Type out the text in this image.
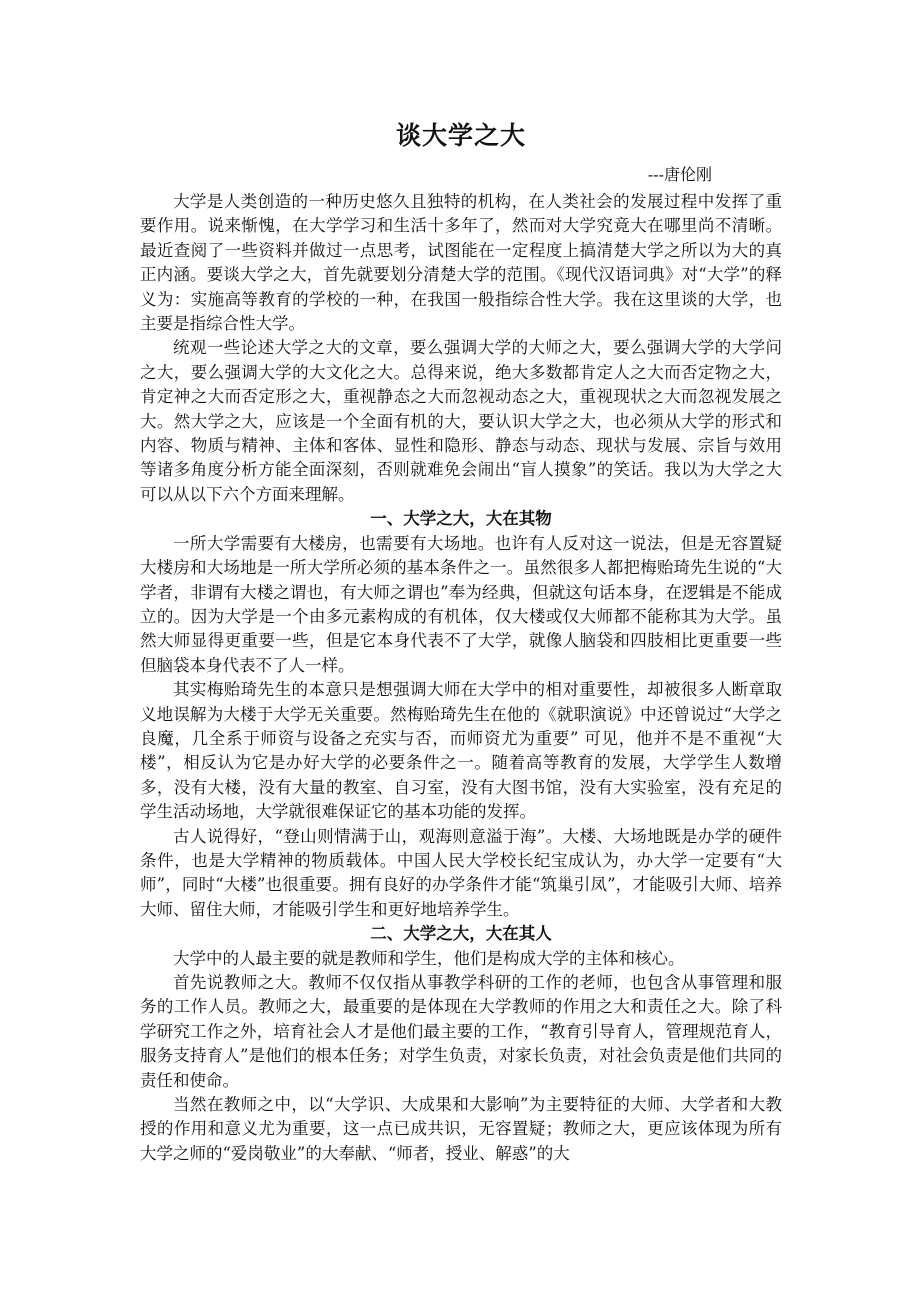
谈大学之大
---唐伦刚

大学是人类创造的一种历史悠久且独特的机构，在人类社会的发展过程中发挥了重要作用。说来惭愧，在大学学习和生活十多年了，然而对大学究竟大在哪里尚不清晰。最近查阅了一些资料并做过一点思考，试图能在一定程度上搞清楚大学之所以为大的真正内涵。要谈大学之大，首先就要划分清楚大学的范围。《现代汉语词典》对“大学”的释义为：实施高等教育的学校的一种，在我国一般指综合性大学。我在这里谈的大学，也主要是指综合性大学。

统观一些论述大学之大的文章，要么强调大学的大师之大，要么强调大学的大学问之大，要么强调大学的大文化之大。总得来说，绝大多数都肯定人之大而否定物之大，肯定神之大而否定形之大，重视静态之大而忽视动态之大，重视现状之大而忽视发展之大。然大学之大，应该是一个全面有机的大，要认识大学之大，也必须从大学的形式和内容、物质与精神、主体和客体、显性和隐形、静态与动态、现状与发展、宗旨与效用等诸多角度分析方能全面深刻，否则就难免会闹出“盲人摸象”的笑话。我以为大学之大可以从以下六个方面来理解。

一、大学之大，大在其物

一所大学需要有大楼房，也需要有大场地。也许有人反对这一说法，但是无容置疑大楼房和大场地是一所大学所必须的基本条件之一。虽然很多人都把梅贻琦先生说的“大学者，非谓有大楼之谓也，有大师之谓也”奉为经典，但就这句话本身，在逻辑是不能成立的。因为大学是一个由多元素构成的有机体，仅大楼或仅大师都不能称其为大学。虽然大师显得更重要一些，但是它本身代表不了大学，就像人脑袋和四肢相比更重要一些但脑袋本身代表不了人一样。

其实梅贻琦先生的本意只是想强调大师在大学中的相对重要性，却被很多人断章取义地误解为大楼于大学无关重要。然梅贻琦先生在他的《就职演说》中还曾说过“大学之良魔，几全系于师资与设备之充实与否，而师资尤为重要” 可见，他并不是不重视“大楼”，相反认为它是办好大学的必要条件之一。随着高等教育的发展，大学学生人数增多，没有大楼，没有大量的教室、自习室，没有大图书馆，没有大实验室，没有充足的学生活动场地，大学就很难保证它的基本功能的发挥。

古人说得好，“登山则情满于山，观海则意溢于海”。大楼、大场地既是办学的硬件条件，也是大学精神的物质载体。中国人民大学校长纪宝成认为，办大学一定要有“大师”，同时“大楼”也很重要。拥有良好的办学条件才能“筑巢引凤”，才能吸引大师、培养大师、留住大师，才能吸引学生和更好地培养学生。

二、大学之大，大在其人

大学中的人最主要的就是教师和学生，他们是构成大学的主体和核心。

首先说教师之大。教师不仅仅指从事教学科研的工作的老师，也包含从事管理和服务的工作人员。教师之大，最重要的是体现在大学教师的作用之大和责任之大。除了科学研究工作之外，培育社会人才是他们最主要的工作，“教育引导育人，管理规范育人，服务支持育人”是他们的根本任务；对学生负责，对家长负责，对社会负责是他们共同的责任和使命。

当然在教师之中，以“大学识、大成果和大影响”为主要特征的大师、大学者和大教授的作用和意义尤为重要，这一点已成共识，无容置疑；教师之大，更应该体现为所有大学之师的“爱岗敬业”的大奉献、“师者，授业、解惑”的大
